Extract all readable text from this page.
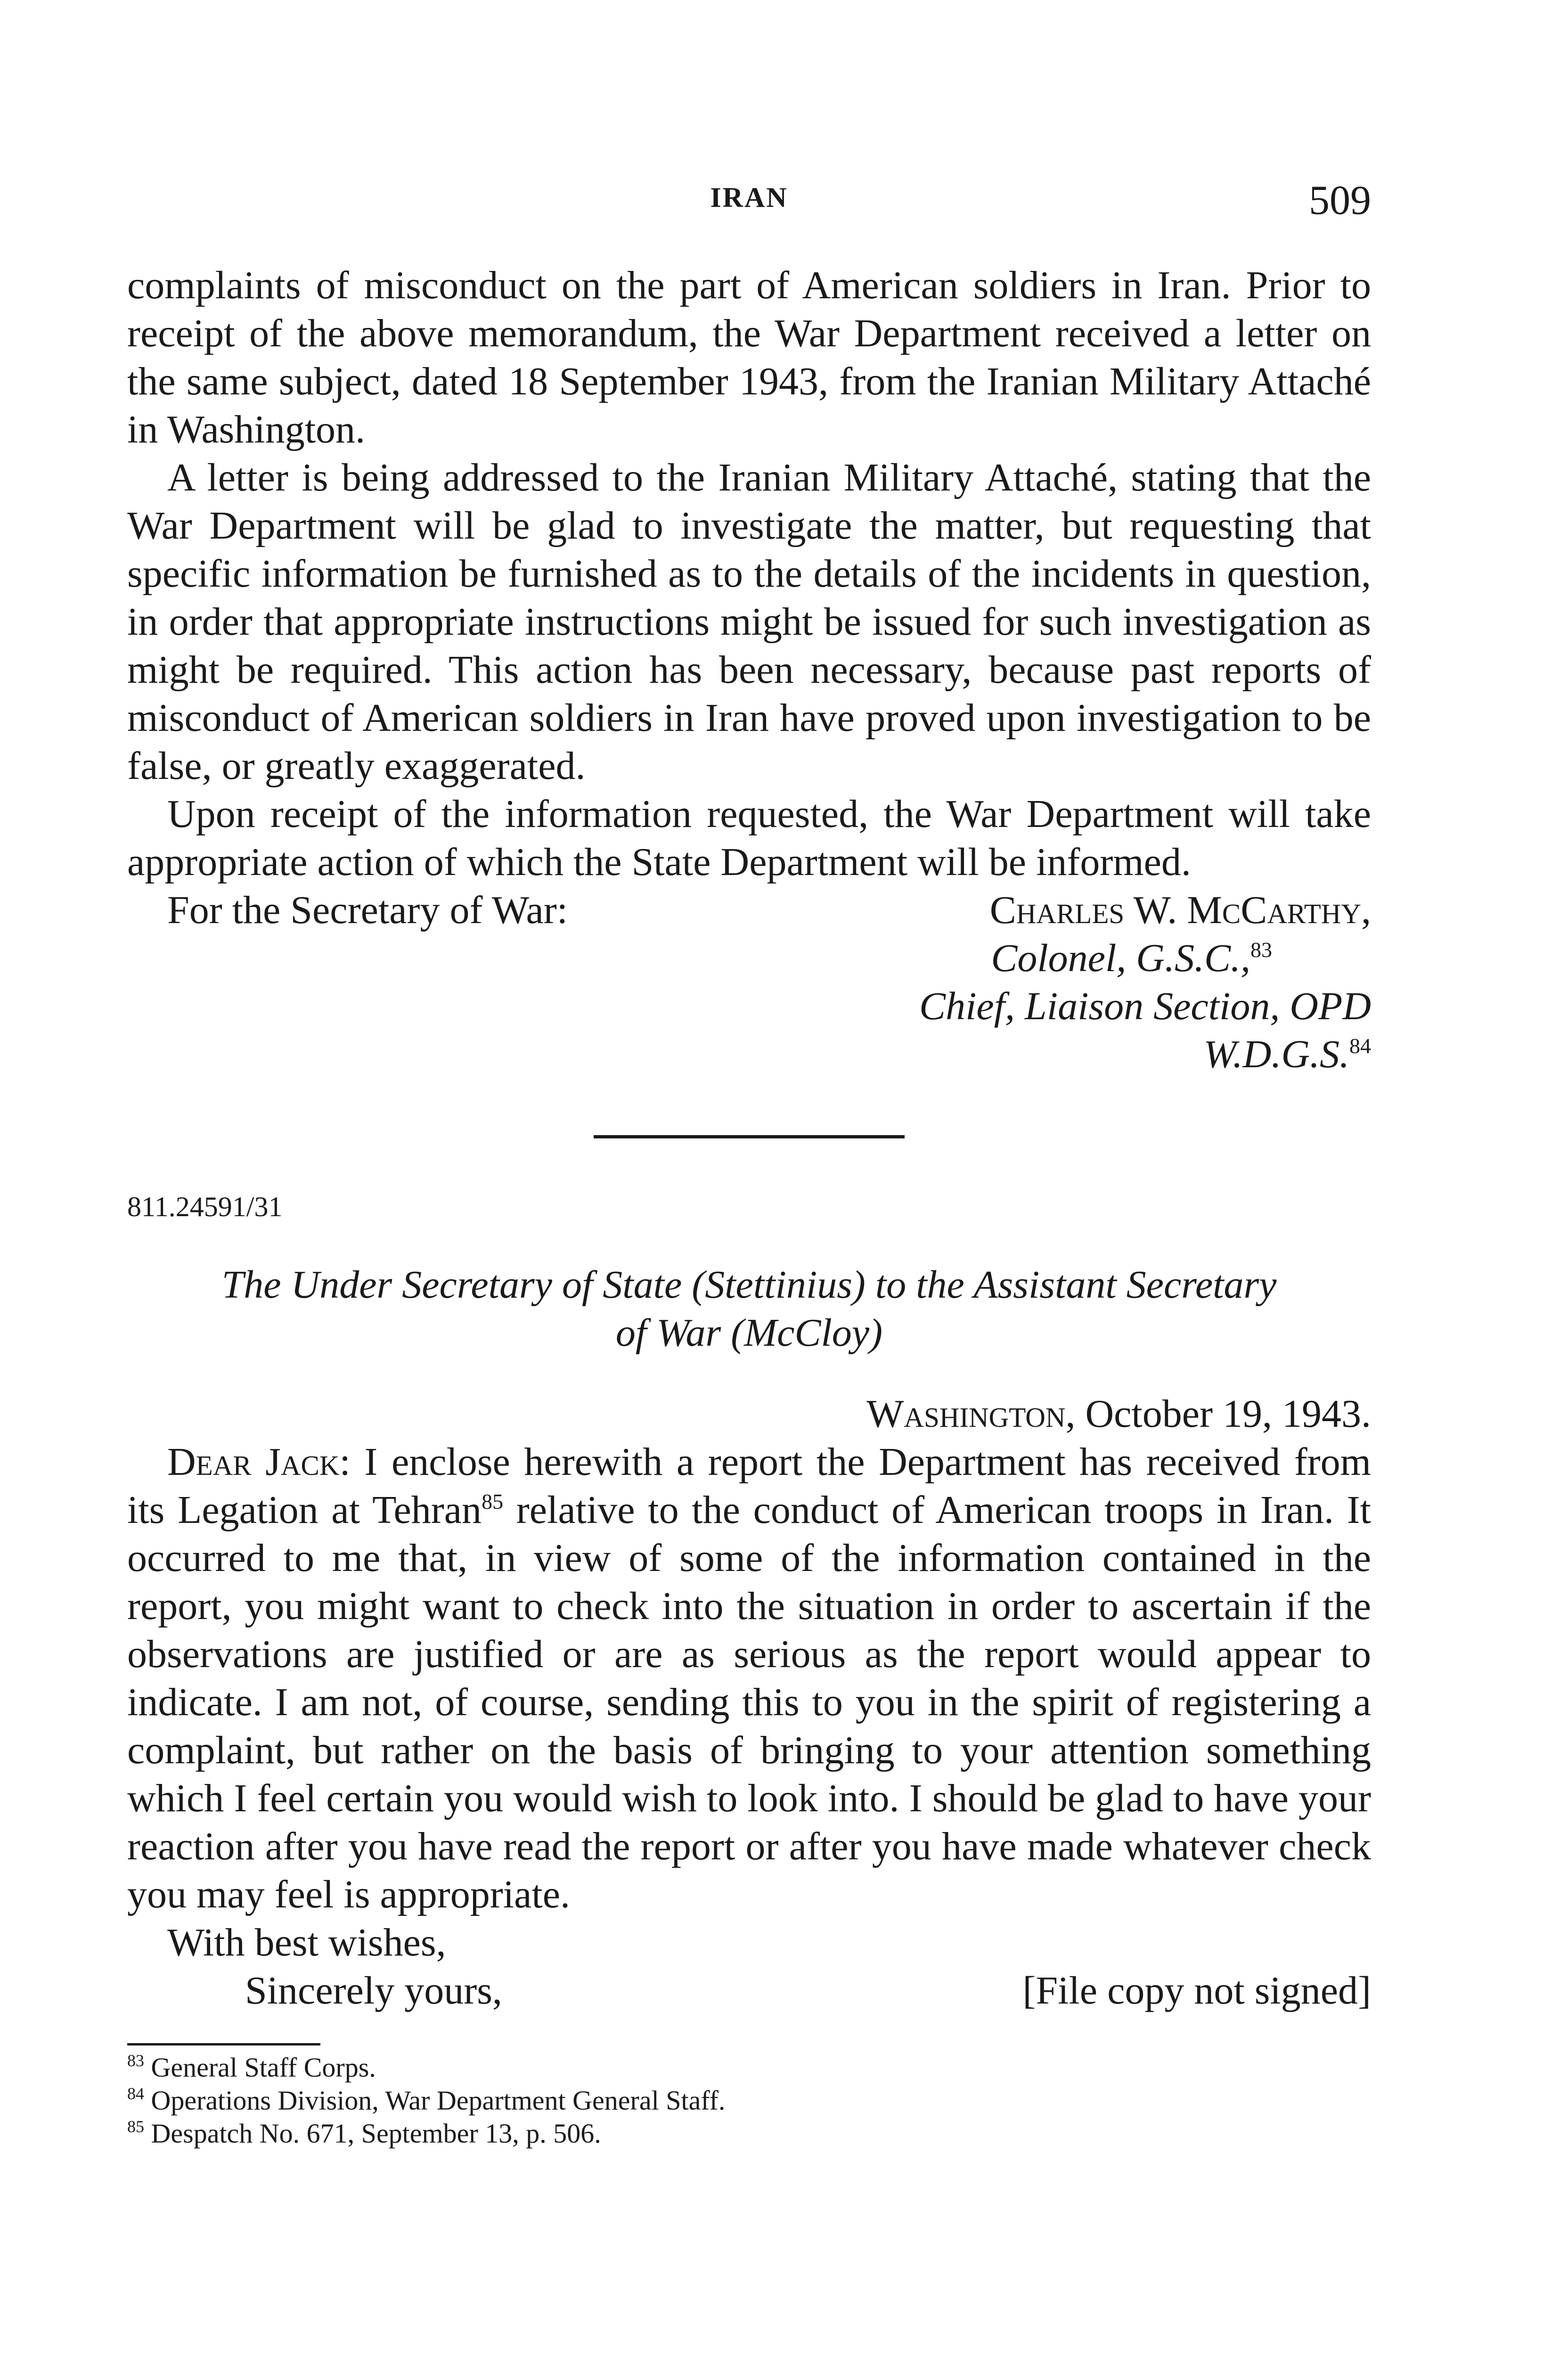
IRAN	509

complaints of misconduct on the part of American soldiers in Iran. Prior to receipt of the above memorandum, the War Department received a letter on the same subject, dated 18 September 1943, from the Iranian Military Attaché in Washington.

A letter is being addressed to the Iranian Military Attaché, stating that the War Department will be glad to investigate the matter, but requesting that specific information be furnished as to the details of the incidents in question, in order that appropriate instructions might be issued for such investigation as might be required. This action has been necessary, because past reports of misconduct of American soldiers in Iran have proved upon investigation to be false, or greatly exaggerated.

Upon receipt of the information requested, the War Department will take appropriate action of which the State Department will be informed.

For the Secretary of War:	Charles W. McCarthy,
Colonel, G.S.C.,$^{83}$
Chief, Liaison Section, OPD W.D.G.S.$^{84}$
811.24591/31
The Under Secretary of State (Stettinius) to the Assistant Secretary
of War (McCloy)
Washington, October 19, 1943.

Dear Jack: I enclose herewith a report the Department has received from its Legation at Tehran$^{85}$ relative to the conduct of American troops in Iran. It occurred to me that, in view of some of the information contained in the report, you might want to check into the situation in order to ascertain if the observations are justified or are as serious as the report would appear to indicate. I am not, of course, sending this to you in the spirit of registering a complaint, but rather on the basis of bringing to your attention something which I feel certain you would wish to look into. I should be glad to have your reaction after you have read the report or after you have made whatever check you may feel is appropriate.

With best wishes,
Sincerely yours,	[File copy not signed]
$^{83}$ General Staff Corps.
$^{84}$ Operations Division, War Department General Staff.
$^{85}$ Despatch No. 671, September 13, p. 506.
